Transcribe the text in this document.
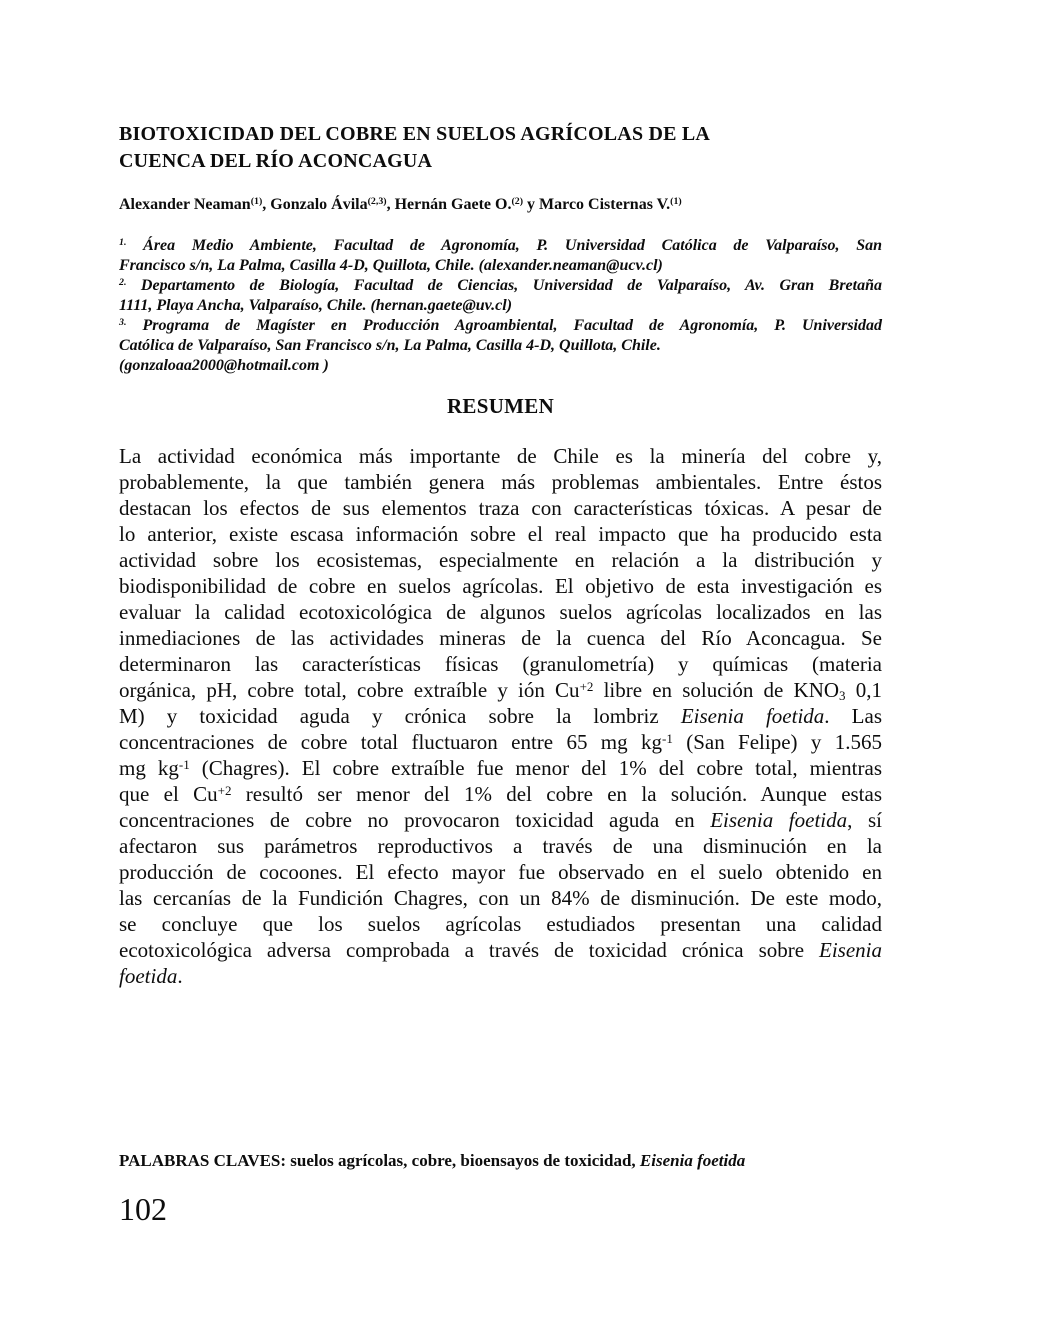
BIOTOXICIDAD DEL COBRE EN SUELOS AGRÍCOLAS DE LA
CUENCA DEL RÍO ACONCAGUA
Alexander Neaman(1), Gonzalo Ávila(2,3), Hernán Gaete O.(2) y Marco Cisternas V.(1)
1. Área Medio Ambiente, Facultad de Agronomía, P. Universidad Católica de Valparaíso, San
Francisco s/n, La Palma, Casilla 4-D, Quillota, Chile. (alexander.neaman@ucv.cl)
2. Departamento de Biología, Facultad de Ciencias, Universidad de Valparaíso, Av. Gran Bretaña
1111, Playa Ancha, Valparaíso, Chile. (hernan.gaete@uv.cl)
3. Programa de Magíster en Producción Agroambiental, Facultad de Agronomía, P. Universidad
Católica de Valparaíso, San Francisco s/n, La Palma, Casilla 4-D, Quillota, Chile.
(gonzaloaa2000@hotmail.com )
RESUMEN
La actividad económica más importante de Chile es la minería del cobre y,
probablemente, la que también genera más problemas ambientales. Entre éstos
destacan los efectos de sus elementos traza con características tóxicas. A pesar de
lo anterior, existe escasa información sobre el real impacto que ha producido esta
actividad sobre los ecosistemas, especialmente en relación a la distribución y
biodisponibilidad de cobre en suelos agrícolas. El objetivo de esta investigación es
evaluar la calidad ecotoxicológica de algunos suelos agrícolas localizados en las
inmediaciones de las actividades mineras de la cuenca del Río Aconcagua. Se
determinaron las características físicas (granulometría) y químicas (materia
orgánica, pH, cobre total, cobre extraíble y ión Cu+2 libre en solución de KNO3 0,1
M) y toxicidad aguda y crónica sobre la lombriz Eisenia foetida. Las
concentraciones de cobre total fluctuaron entre 65 mg kg-1 (San Felipe) y 1.565
mg kg-1 (Chagres). El cobre extraíble fue menor del 1% del cobre total, mientras
que el Cu+2 resultó ser menor del 1% del cobre en la solución. Aunque estas
concentraciones de cobre no provocaron toxicidad aguda en Eisenia foetida, sí
afectaron sus parámetros reproductivos a través de una disminución en la
producción de cocoones. El efecto mayor fue observado en el suelo obtenido en
las cercanías de la Fundición Chagres, con un 84% de disminución. De este modo,
se concluye que los suelos agrícolas estudiados presentan una calidad
ecotoxicológica adversa comprobada a través de toxicidad crónica sobre Eisenia
foetida.
PALABRAS CLAVES: suelos agrícolas, cobre, bioensayos de toxicidad, Eisenia foetida
102
